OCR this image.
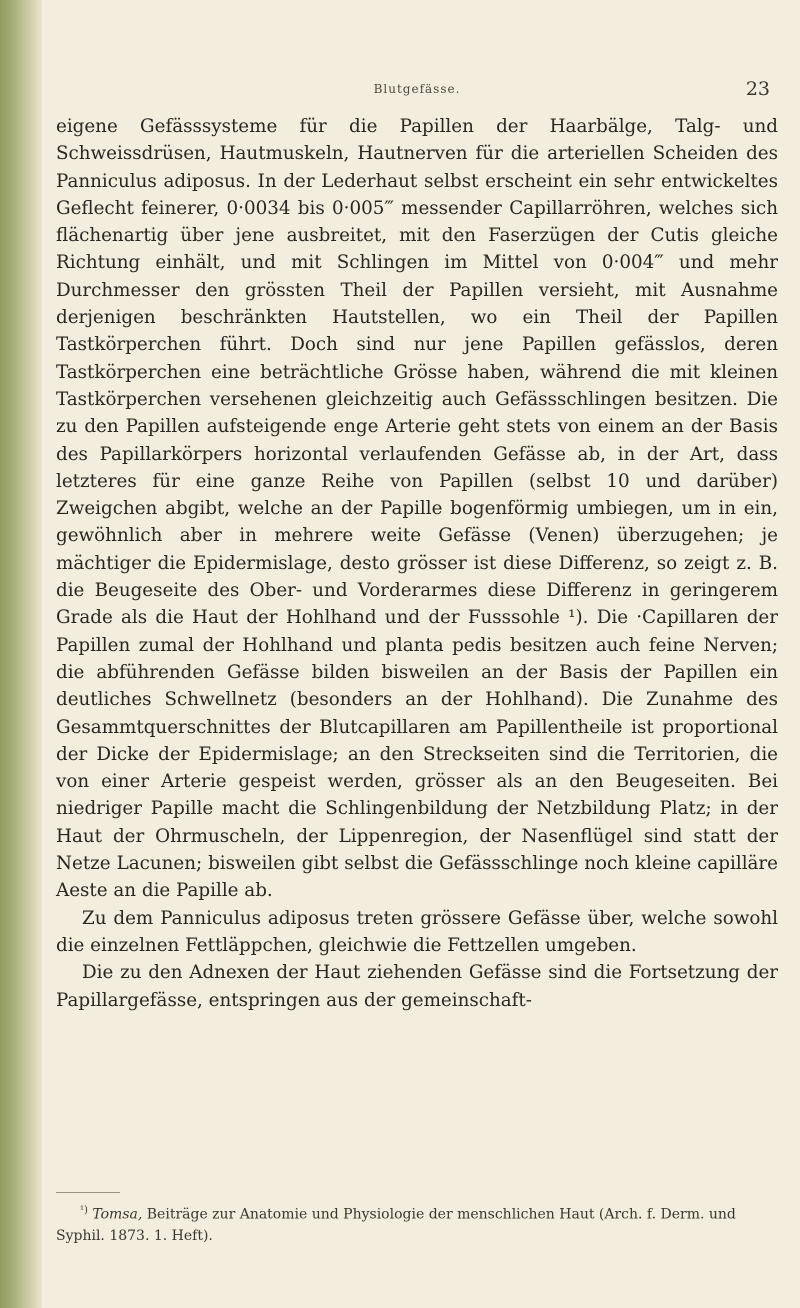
Blutgefässe.	23

eigene Gefässsysteme für die Papillen der Haarbälge, Talg- und Schweissdrüsen, Hautmuskeln, Hautnerven für die arteriellen Scheiden des Panniculus adiposus. In der Lederhaut selbst erscheint ein sehr entwickeltes Geflecht feinerer, 0·0034 bis 0·005‴ messender Capillarröhren, welches sich flächenartig über jene ausbreitet, mit den Faserzügen der Cutis gleiche Richtung einhält, und mit Schlingen im Mittel von 0·004‴ und mehr Durchmesser den grössten Theil der Papillen versieht, mit Ausnahme derjenigen beschränkten Hautstellen, wo ein Theil der Papillen Tastkörperchen führt. Doch sind nur jene Papillen gefässlos, deren Tastkörperchen eine beträchtliche Grösse haben, während die mit kleinen Tastkörperchen versehenen gleichzeitig auch Gefässschlingen besitzen. Die zu den Papillen aufsteigende enge Arterie geht stets von einem an der Basis des Papillarkörpers horizontal verlaufenden Gefässe ab, in der Art, dass letzteres für eine ganze Reihe von Papillen (selbst 10 und darüber) Zweigchen abgibt, welche an der Papille bogenförmig umbiegen, um in ein, gewöhnlich aber in mehrere weite Gefässe (Venen) überzugehen; je mächtiger die Epidermislage, desto grösser ist diese Differenz, so zeigt z. B. die Beugeseite des Ober- und Vorderarmes diese Differenz in geringerem Grade als die Haut der Hohlhand und der Fusssohle ¹). Die ·Capillaren der Papillen zumal der Hohlhand und planta pedis besitzen auch feine Nerven; die abführenden Gefässe bilden bisweilen an der Basis der Papillen ein deutliches Schwellnetz (besonders an der Hohlhand). Die Zunahme des Gesammtquerschnittes der Blutcapillaren am Papillentheile ist proportional der Dicke der Epidermislage; an den Streckseiten sind die Territorien, die von einer Arterie gespeist werden, grösser als an den Beugeseiten. Bei niedriger Papille macht die Schlingenbildung der Netzbildung Platz; in der Haut der Ohrmuscheln, der Lippenregion, der Nasenflügel sind statt der Netze Lacunen; bisweilen gibt selbst die Gefässschlinge noch kleine capilläre Aeste an die Papille ab.

Zu dem Panniculus adiposus treten grössere Gefässe über, welche sowohl die einzelnen Fettläppchen, gleichwie die Fettzellen umgeben.

Die zu den Adnexen der Haut ziehenden Gefässe sind die Fortsetzung der Papillargefässe, entspringen aus der gemeinschaft-

$^{^1)}$ Tomsa, Beiträge zur Anatomie und Physiologie der menschlichen Haut (Arch. f. Derm. und Syphil. 1873. 1. Heft).
